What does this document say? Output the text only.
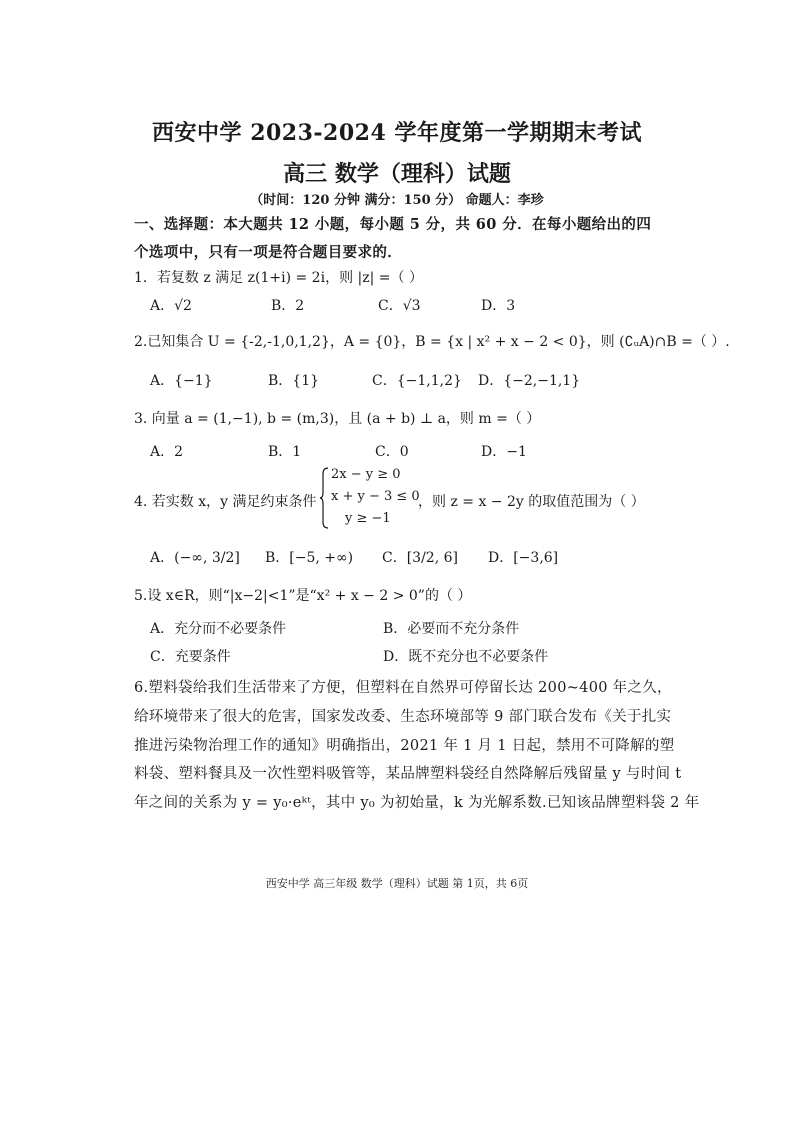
西安中学 2023-2024 学年度第一学期期末考试
高三 数学（理科）试题
（时间：120 分钟 满分：150 分） 命题人：李珍
一、选择题：本大题共 12 小题，每小题 5 分，共 60 分．在每小题给出的四
个选项中，只有一项是符合题目要求的．
1．若复数 z 满足 z(1+i) = 2i，则 |z| =（ ）
A．√2	B．2	C．√3	D．3
2.已知集合 U = {-2,-1,0,1,2}，A = {0}，B = {x | x² + x − 2 < 0}，则 (∁ᵤA)∩B =（ ）.
A．{−1}	B．{1}	C．{−1,1,2} D．{−2,−1,1}
3. 向量 a = (1,−1), b = (m,3)，且 (a + b) ⊥ a，则 m =（ ）
A．2	B．1	C．0	D．−1
4. 若实数 x，y 满足约束条件
2x − y ≥ 0
x + y − 3 ≤ 0
y ≥ −1
，则 z = x − 2y 的取值范围为（ ）
A．(−∞, 3/2] B．[−5, +∞) C．[3/2, 6] D．[−3,6]
5.设 x∈R，则“|x−2|<1”是“x² + x − 2 > 0”的（ ）
A．充分而不必要条件	B．必要而不充分条件
C．充要条件	D．既不充分也不必要条件
6.塑料袋给我们生活带来了方便，但塑料在自然界可停留长达 200~400 年之久，
给环境带来了很大的危害，国家发改委、生态环境部等 9 部门联合发布《关于扎实
推进污染物治理工作的通知》明确指出，2021 年 1 月 1 日起，禁用不可降解的塑
料袋、塑料餐具及一次性塑料吸管等，某品牌塑料袋经自然降解后残留量 y 与时间 t
年之间的关系为 y = y₀·eᵏᵗ，其中 y₀ 为初始量，k 为光解系数.已知该品牌塑料袋 2 年
西安中学 高三年级 数学（理科）试题 第 1页，共 6页
